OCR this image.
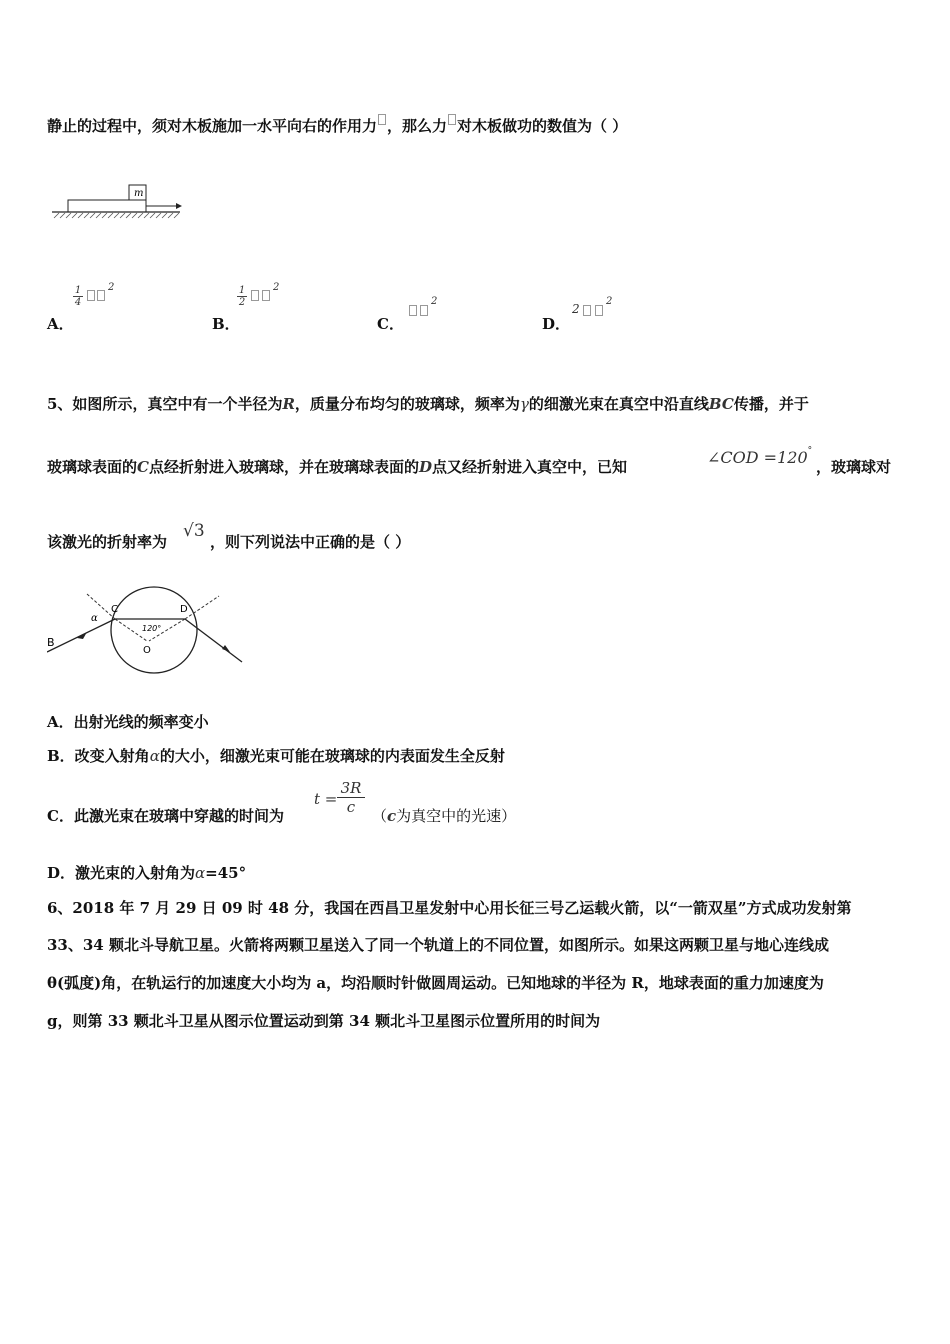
静止的过程中，须对木板施加一水平向右的作用力 ，那么力 对木板做功的数值为（ ）
m
A．
$\frac{1}{4}$	2
B．
$\frac{1}{2}$	2
C．
2
D．
2
2
5、如图所示，真空中有一个半径为R，质量分布均匀的玻璃球，频率为γ的细激光束在真空中沿直线BC传播，并于
玻璃球表面的C点经折射进入玻璃球，并在玻璃球表面的D点又经折射进入真空中，已知	∠COD =120°
，玻璃球对
该激光的折射率为
√3
，则下列说法中正确的是（ ）
B
C	D
O
α
120°
A．出射光线的频率变小
B．改变入射角α的大小，细激光束可能在玻璃球的内表面发生全反射
C．此激光束在玻璃中穿越的时间为
t =
3R

c	（c为真空中的光速）
D．激光束的入射角为α=45°
6、2018 年 7 月 29 日 09 时 48 分，我国在西昌卫星发射中心用长征三号乙运载火箭，以“一箭双星”方式成功发射第
33、34 颗北斗导航卫星。火箭将两颗卫星送入了同一个轨道上的不同位置，如图所示。如果这两颗卫星与地心连线成
θ(弧度)角，在轨运行的加速度大小均为 a，均沿顺时针做圆周运动。已知地球的半径为 R，地球表面的重力加速度为
g，则第 33 颗北斗卫星从图示位置运动到第 34 颗北斗卫星图示位置所用的时间为
